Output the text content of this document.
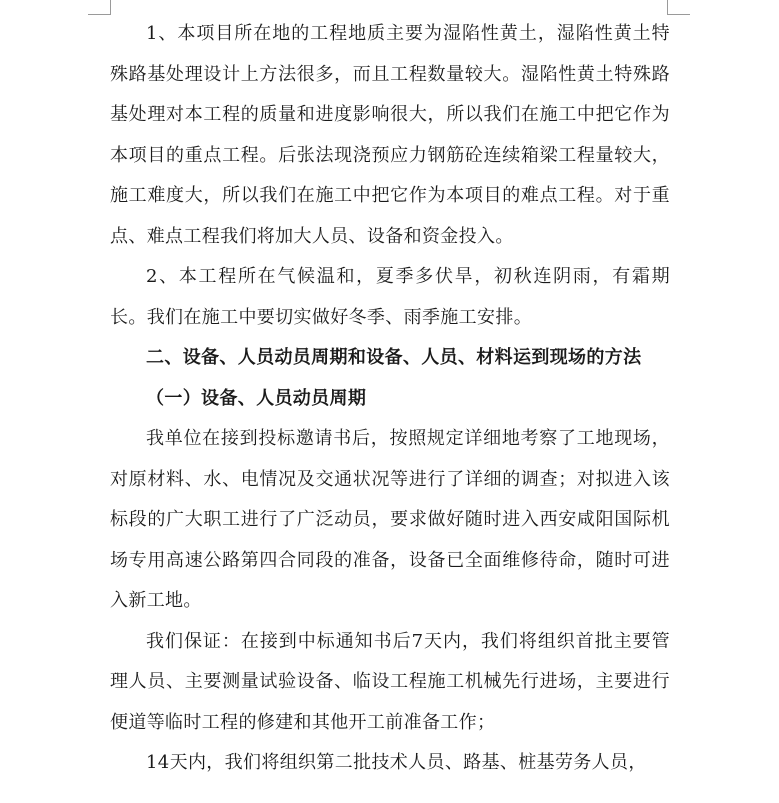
1、本项目所在地的工程地质主要为湿陷性黄土，湿陷性黄土特殊路基处理设计上方法很多，而且工程数量较大。湿陷性黄土特殊路基处理对本工程的质量和进度影响很大，所以我们在施工中把它作为本项目的重点工程。后张法现浇预应力钢筋砼连续箱梁工程量较大，施工难度大，所以我们在施工中把它作为本项目的难点工程。对于重点、难点工程我们将加大人员、设备和资金投入。

2、本工程所在气候温和，夏季多伏旱，初秋连阴雨，有霜期长。我们在施工中要切实做好冬季、雨季施工安排。

二、设备、人员动员周期和设备、人员、材料运到现场的方法

（一）设备、人员动员周期

我单位在接到投标邀请书后，按照规定详细地考察了工地现场，对原材料、水、电情况及交通状况等进行了详细的调查；对拟进入该标段的广大职工进行了广泛动员，要求做好随时进入西安咸阳国际机场专用高速公路第四合同段的准备，设备已全面维修待命，随时可进入新工地。

我们保证：在接到中标通知书后7天内，我们将组织首批主要管理人员、主要测量试验设备、临设工程施工机械先行进场，主要进行便道等临时工程的修建和其他开工前准备工作；

14天内，我们将组织第二批技术人员、路基、桩基劳务人员，
